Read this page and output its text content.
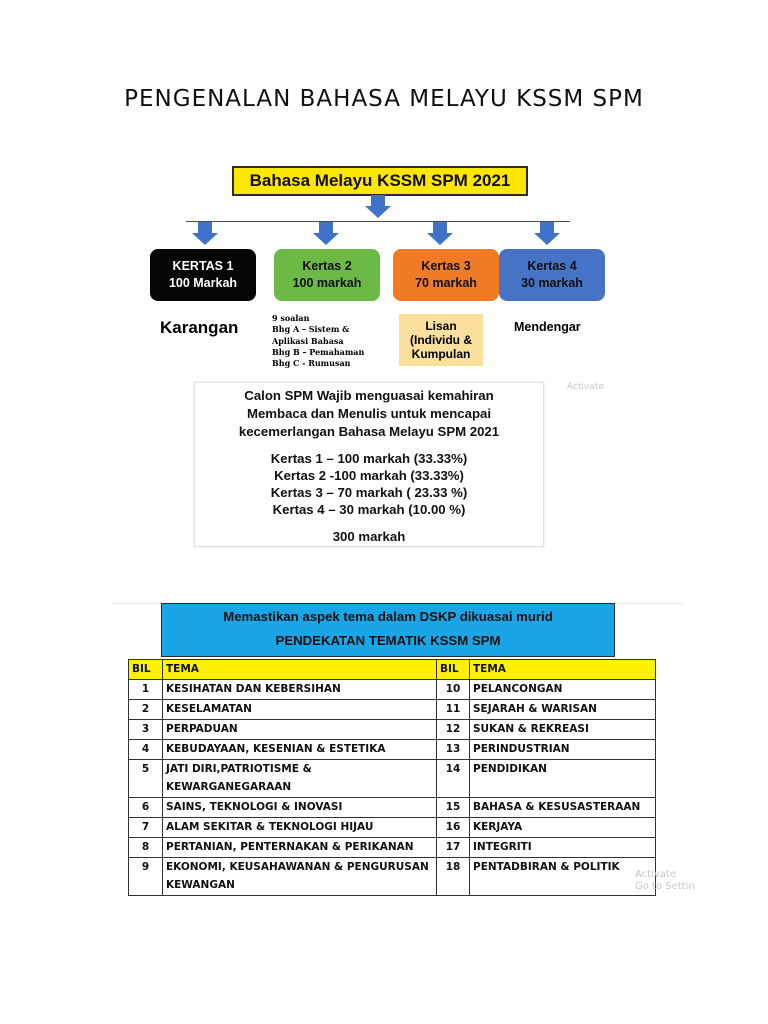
PENGENALAN BAHASA MELAYU KSSM SPM
Bahasa Melayu KSSM SPM 2021
KERTAS 1
100 Markah
Kertas 2
100 markah
Kertas 3
70 markah
Kertas 4
30 markah
Karangan	9 soalan
Bhg A – Sistem &
Aplikasi Bahasa
Bhg B – Pemahaman
Bhg C - Rumusan
Lisan
(Individu &
Kumpulan
Mendengar
Activate
Calon SPM Wajib menguasai kemahiran
Membaca dan Menulis untuk mencapai
kecemerlangan Bahasa Melayu SPM 2021
Kertas 1 – 100 markah (33.33%)
Kertas 2 -100 markah (33.33%)
Kertas 3 – 70 markah ( 23.33 %)
Kertas 4 – 30 markah (10.00 %)
300 markah
Memastikan aspek tema dalam DSKP dikuasai murid
PENDEKATAN TEMATIK KSSM SPM
BIL	TEMA	BIL	TEMA
1	KESIHATAN DAN KEBERSIHAN	10	PELANCONGAN
2	KESELAMATAN	11	SEJARAH & WARISAN
3	PERPADUAN	12	SUKAN & REKREASI
4	KEBUDAYAAN, KESENIAN & ESTETIKA	13	PERINDUSTRIAN
5	JATI DIRI,PATRIOTISME & KEWARGANEGARAAN	14	PENDIDIKAN
6	SAINS, TEKNOLOGI & INOVASI	15	BAHASA & KESUSASTERAAN
7	ALAM SEKITAR & TEKNOLOGI HIJAU	16	KERJAYA
8	PERTANIAN, PENTERNAKAN & PERIKANAN	17	INTEGRITI
9	EKONOMI, KEUSAHAWANAN & PENGURUSAN KEWANGAN	18	PENTADBIRAN & POLITIK
Activate
Go to Settin
